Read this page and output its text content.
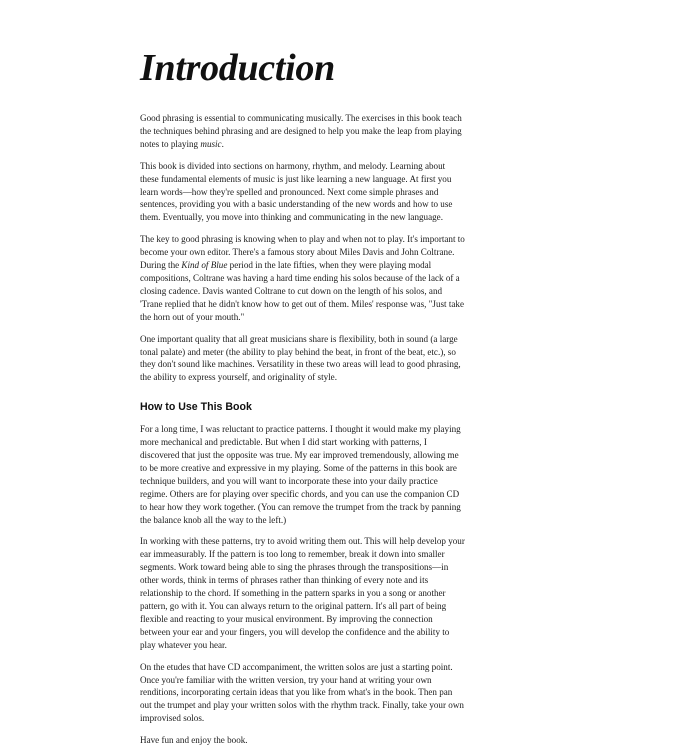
Introduction

Good phrasing is essential to communicating musically. The exercises in this book teach the techniques behind phrasing and are designed to help you make the leap from playing notes to playing music.

This book is divided into sections on harmony, rhythm, and melody. Learning about these fundamental elements of music is just like learning a new language. At first you learn words—how they're spelled and pronounced. Next come simple phrases and sentences, providing you with a basic understanding of the new words and how to use them. Eventually, you move into thinking and communicating in the new language.

The key to good phrasing is knowing when to play and when not to play. It's important to become your own editor. There's a famous story about Miles Davis and John Coltrane. During the Kind of Blue period in the late fifties, when they were playing modal compositions, Coltrane was having a hard time ending his solos because of the lack of a closing cadence. Davis wanted Coltrane to cut down on the length of his solos, and 'Trane replied that he didn't know how to get out of them. Miles' response was, "Just take the horn out of your mouth."

One important quality that all great musicians share is flexibility, both in sound (a large tonal palate) and meter (the ability to play behind the beat, in front of the beat, etc.), so they don't sound like machines. Versatility in these two areas will lead to good phrasing, the ability to express yourself, and originality of style.

How to Use This Book

For a long time, I was reluctant to practice patterns. I thought it would make my playing more mechanical and predictable. But when I did start working with patterns, I discovered that just the opposite was true. My ear improved tremendously, allowing me to be more creative and expressive in my playing. Some of the patterns in this book are technique builders, and you will want to incorporate these into your daily practice regime. Others are for playing over specific chords, and you can use the companion CD to hear how they work together. (You can remove the trumpet from the track by panning the balance knob all the way to the left.)

In working with these patterns, try to avoid writing them out. This will help develop your ear immeasurably. If the pattern is too long to remember, break it down into smaller segments. Work toward being able to sing the phrases through the transpositions—in other words, think in terms of phrases rather than thinking of every note and its relationship to the chord. If something in the pattern sparks in you a song or another pattern, go with it. You can always return to the original pattern. It's all part of being flexible and reacting to your musical environment. By improving the connection between your ear and your fingers, you will develop the confidence and the ability to play whatever you hear.

On the etudes that have CD accompaniment, the written solos are just a starting point. Once you're familiar with the written version, try your hand at writing your own renditions, incorporating certain ideas that you like from what's in the book. Then pan out the trumpet and play your written solos with the rhythm track. Finally, take your own improvised solos.

Have fun and enjoy the book.
